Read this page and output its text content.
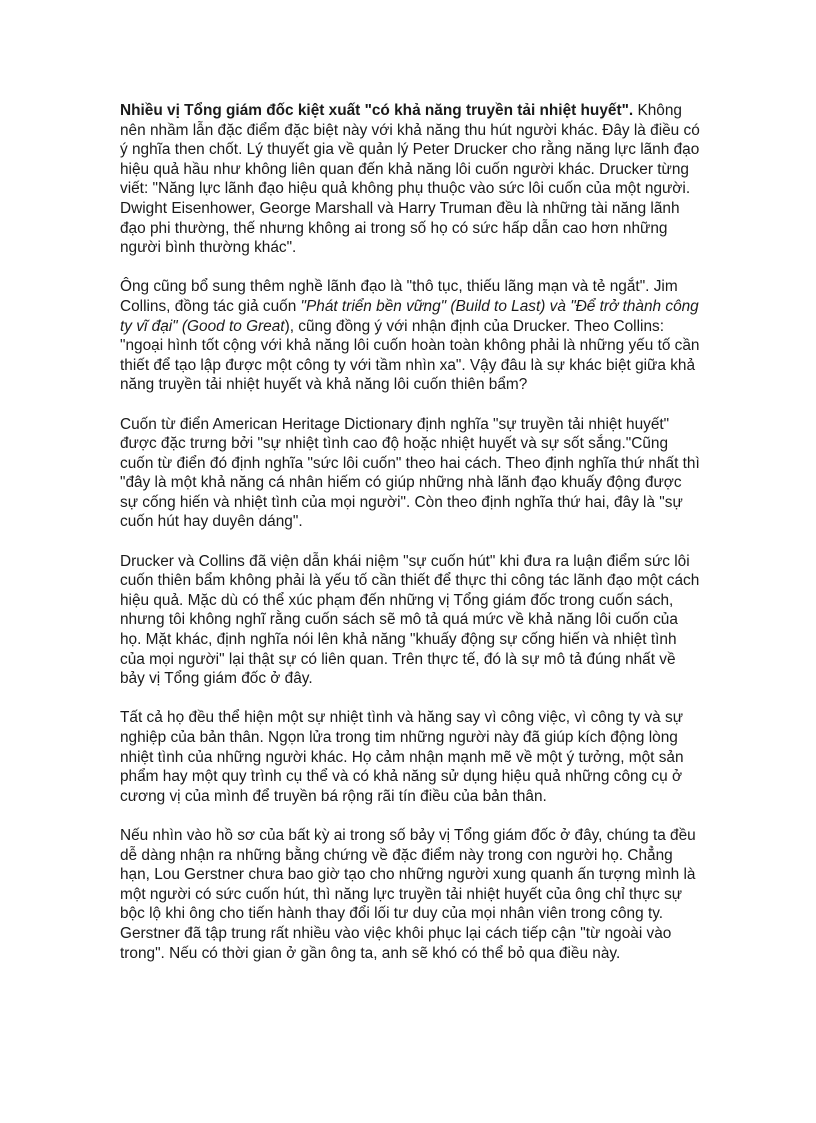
Nhiều vị Tổng giám đốc kiệt xuất "có khả năng truyền tải nhiệt huyết". Không nên nhầm lẫn đặc điểm đặc biệt này với khả năng thu hút người khác. Đây là điều có ý nghĩa then chốt. Lý thuyết gia về quản lý Peter Drucker cho rằng năng lực lãnh đạo hiệu quả hầu như không liên quan đến khả năng lôi cuốn người khác. Drucker từng viết: "Năng lực lãnh đạo hiệu quả không phụ thuộc vào sức lôi cuốn của một người. Dwight Eisenhower, George Marshall và Harry Truman đều là những tài năng lãnh đạo phi thường, thế nhưng không ai trong số họ có sức hấp dẫn cao hơn những người bình thường khác".

Ông cũng bổ sung thêm nghề lãnh đạo là "thô tục, thiếu lãng mạn và tẻ ngắt". Jim Collins, đồng tác giả cuốn "Phát triển bền vững" (Build to Last) và "Để trở thành công ty vĩ đại" (Good to Great), cũng đồng ý với nhận định của Drucker. Theo Collins: "ngoại hình tốt cộng với khả năng lôi cuốn hoàn toàn không phải là những yếu tố cần thiết để tạo lập được một công ty với tầm nhìn xa". Vậy đâu là sự khác biệt giữa khả năng truyền tải nhiệt huyết và khả năng lôi cuốn thiên bẩm?

Cuốn từ điển American Heritage Dictionary định nghĩa "sự truyền tải nhiệt huyết" được đặc trưng bởi "sự nhiệt tình cao độ hoặc nhiệt huyết và sự sốt sắng."Cũng cuốn từ điển đó định nghĩa "sức lôi cuốn" theo hai cách. Theo định nghĩa thứ nhất thì "đây là một khả năng cá nhân hiếm có giúp những nhà lãnh đạo khuấy động được sự cống hiến và nhiệt tình của mọi người". Còn theo định nghĩa thứ hai, đây là "sự cuốn hút hay duyên dáng".

Drucker và Collins đã viện dẫn khái niệm "sự cuốn hút" khi đưa ra luận điểm sức lôi cuốn thiên bẩm không phải là yếu tố cần thiết để thực thi công tác lãnh đạo một cách hiệu quả. Mặc dù có thể xúc phạm đến những vị Tổng giám đốc trong cuốn sách, nhưng tôi không nghĩ rằng cuốn sách sẽ mô tả quá mức về khả năng lôi cuốn của họ. Mặt khác, định nghĩa nói lên khả năng "khuấy động sự cống hiến và nhiệt tình của mọi người" lại thật sự có liên quan. Trên thực tế, đó là sự mô tả đúng nhất về bảy vị Tổng giám đốc ở đây.

Tất cả họ đều thể hiện một sự nhiệt tình và hăng say vì công việc, vì công ty và sự nghiệp của bản thân. Ngọn lửa trong tim những người này đã giúp kích động lòng nhiệt tình của những người khác. Họ cảm nhận mạnh mẽ về một ý tưởng, một sản phẩm hay một quy trình cụ thể và có khả năng sử dụng hiệu quả những công cụ ở cương vị của mình để truyền bá rộng rãi tín điều của bản thân.

Nếu nhìn vào hồ sơ của bất kỳ ai trong số bảy vị Tổng giám đốc ở đây, chúng ta đều dễ dàng nhận ra những bằng chứng về đặc điểm này trong con người họ. Chẳng hạn, Lou Gerstner chưa bao giờ tạo cho những người xung quanh ấn tượng mình là một người có sức cuốn hút, thì năng lực truyền tải nhiệt huyết của ông chỉ thực sự bộc lộ khi ông cho tiến hành thay đổi lối tư duy của mọi nhân viên trong công ty. Gerstner đã tập trung rất nhiều vào việc khôi phục lại cách tiếp cận "từ ngoài vào trong". Nếu có thời gian ở gần ông ta, anh sẽ khó có thể bỏ qua điều này.
